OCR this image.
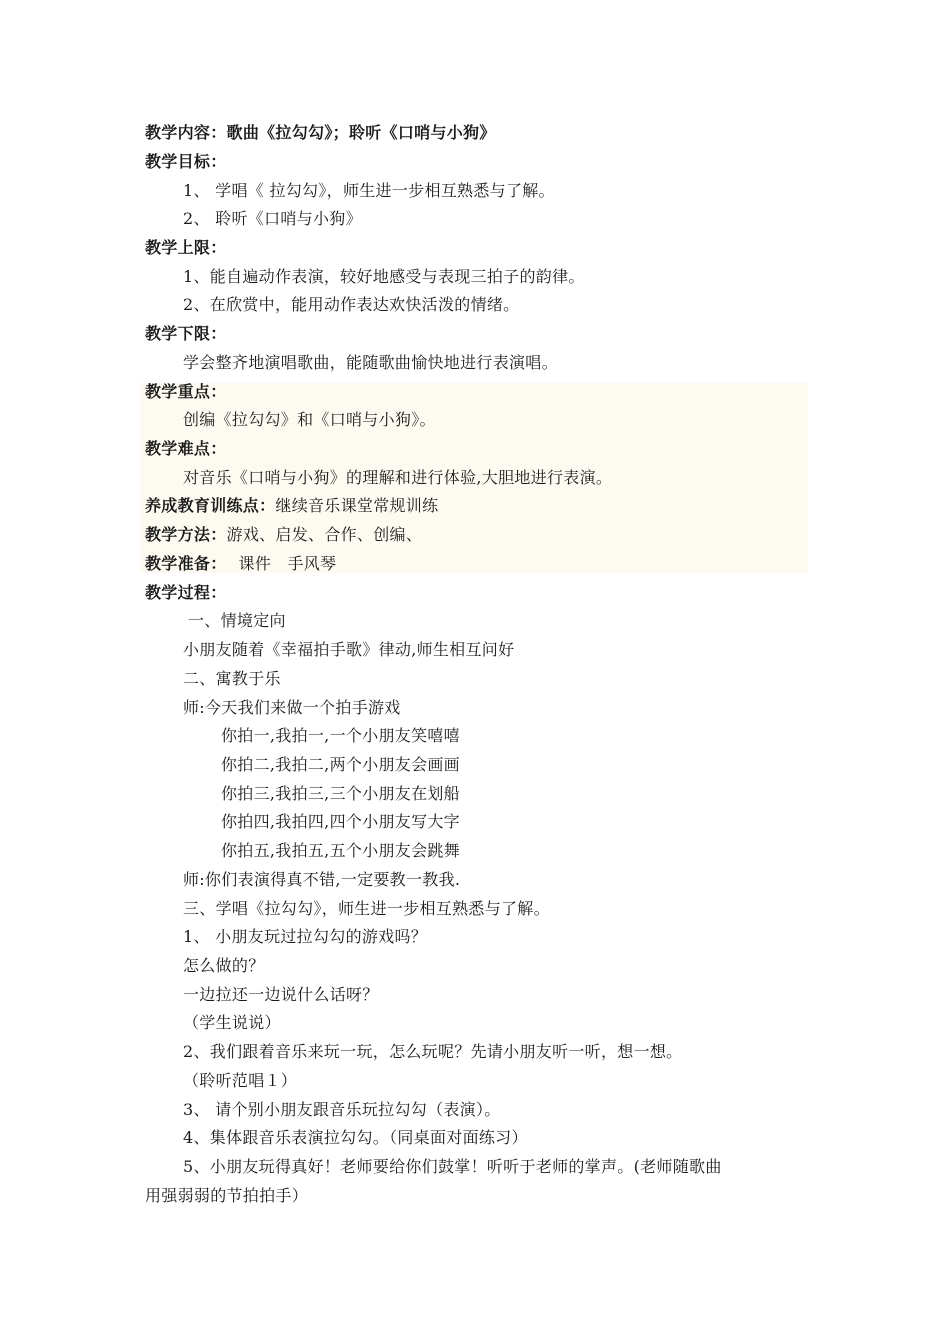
教学内容：歌曲《拉勾勾》；聆听《口哨与小狗》
教学目标：
1、 学唱《 拉勾勾》，师生进一步相互熟悉与了解。
2、 聆听《口哨与小狗》
教学上限：
1、能自遍动作表演，较好地感受与表现三拍子的韵律。
2、在欣赏中，能用动作表达欢快活泼的情绪。
教学下限：
学会整齐地演唱歌曲，能随歌曲愉快地进行表演唱。
教学重点：
创编《拉勾勾》和《口哨与小狗》。
教学难点：
对音乐《口哨与小狗》的理解和进行体验,大胆地进行表演。
养成教育训练点：继续音乐课堂常规训练
教学方法：游戏、启发、合作、创编、
教学准备： 课件　手风琴
教学过程：
一、情境定向
小朋友随着《幸福拍手歌》律动,师生相互问好
二、寓教于乐
师:今天我们来做一个拍手游戏
你拍一,我拍一,一个小朋友笑嘻嘻
你拍二,我拍二,两个小朋友会画画
你拍三,我拍三,三个小朋友在划船
你拍四,我拍四,四个小朋友写大字
你拍五,我拍五,五个小朋友会跳舞
师:你们表演得真不错,一定要教一教我.
三、学唱《拉勾勾》，师生进一步相互熟悉与了解。
1、 小朋友玩过拉勾勾的游戏吗？
怎么做的？
一边拉还一边说什么话呀？
（学生说说）
2、我们跟着音乐来玩一玩，怎么玩呢？先请小朋友听一听，想一想。
（聆听范唱１）
3、 请个别小朋友跟音乐玩拉勾勾（表演）。
4、集体跟音乐表演拉勾勾。（同桌面对面练习）
5、小朋友玩得真好！老师要给你们鼓掌！听听于老师的掌声。(老师随歌曲
用强弱弱的节拍拍手）
